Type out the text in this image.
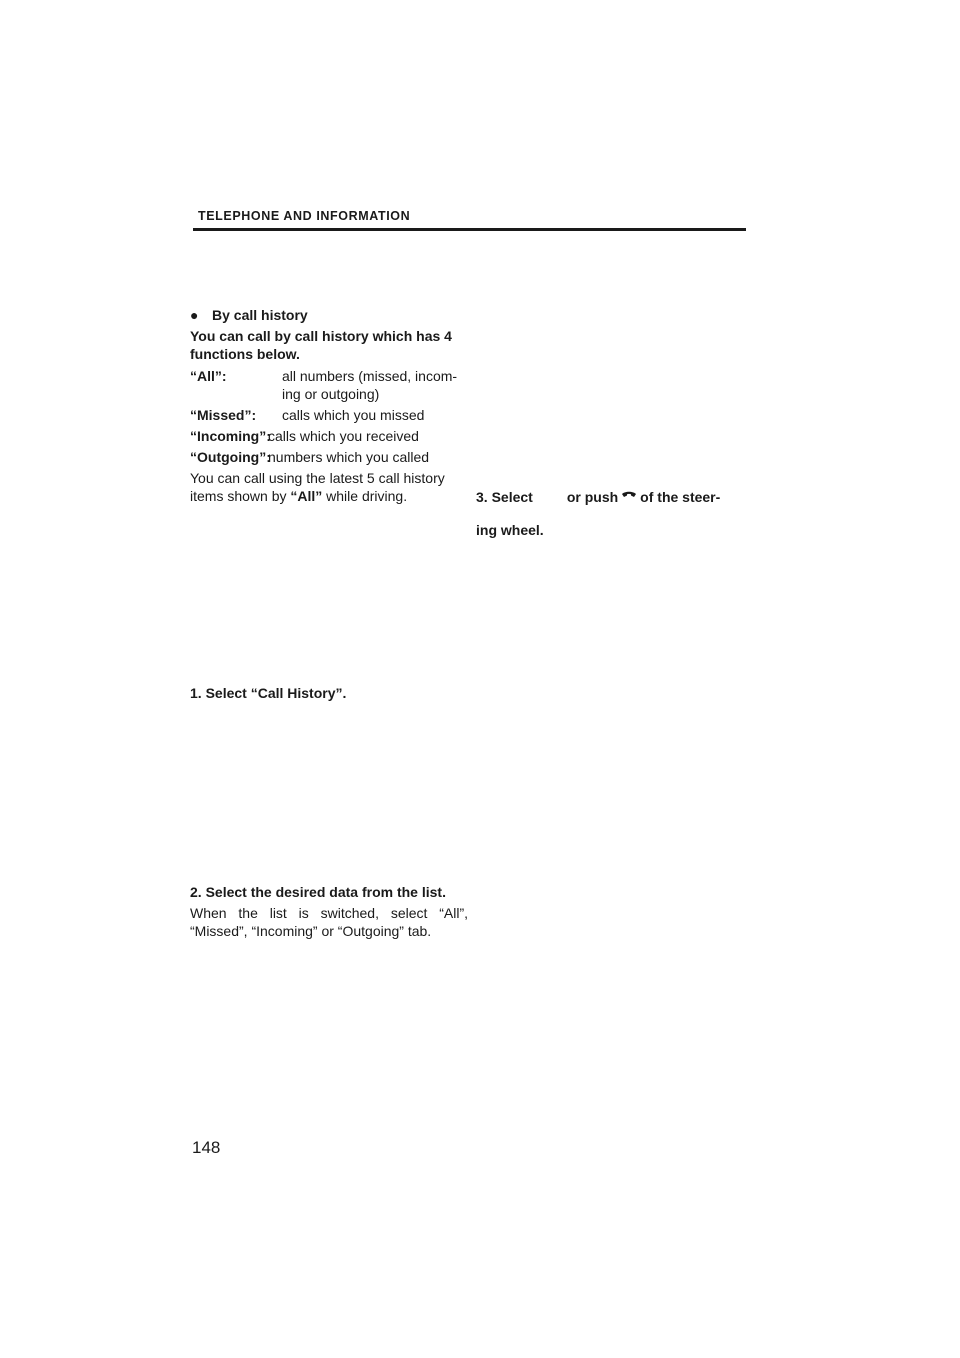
TELEPHONE AND INFORMATION
● By call history
You can call by call history which has 4 functions below.
“All”:	all numbers (missed, incom-ing or outgoing)
“Missed”:	calls which you missed
“Incoming”:
calls which you received
“Outgoing”:
numbers which you called
You can call using the latest 5 call history items shown by “All” while driving.
1. Select “Call History”.
2. Select the desired data from the list.
When the list is switched, select “All”, “Missed”, “Incoming” or “Outgoing” tab.
3. Select or push of the steer-
ing wheel.
148
